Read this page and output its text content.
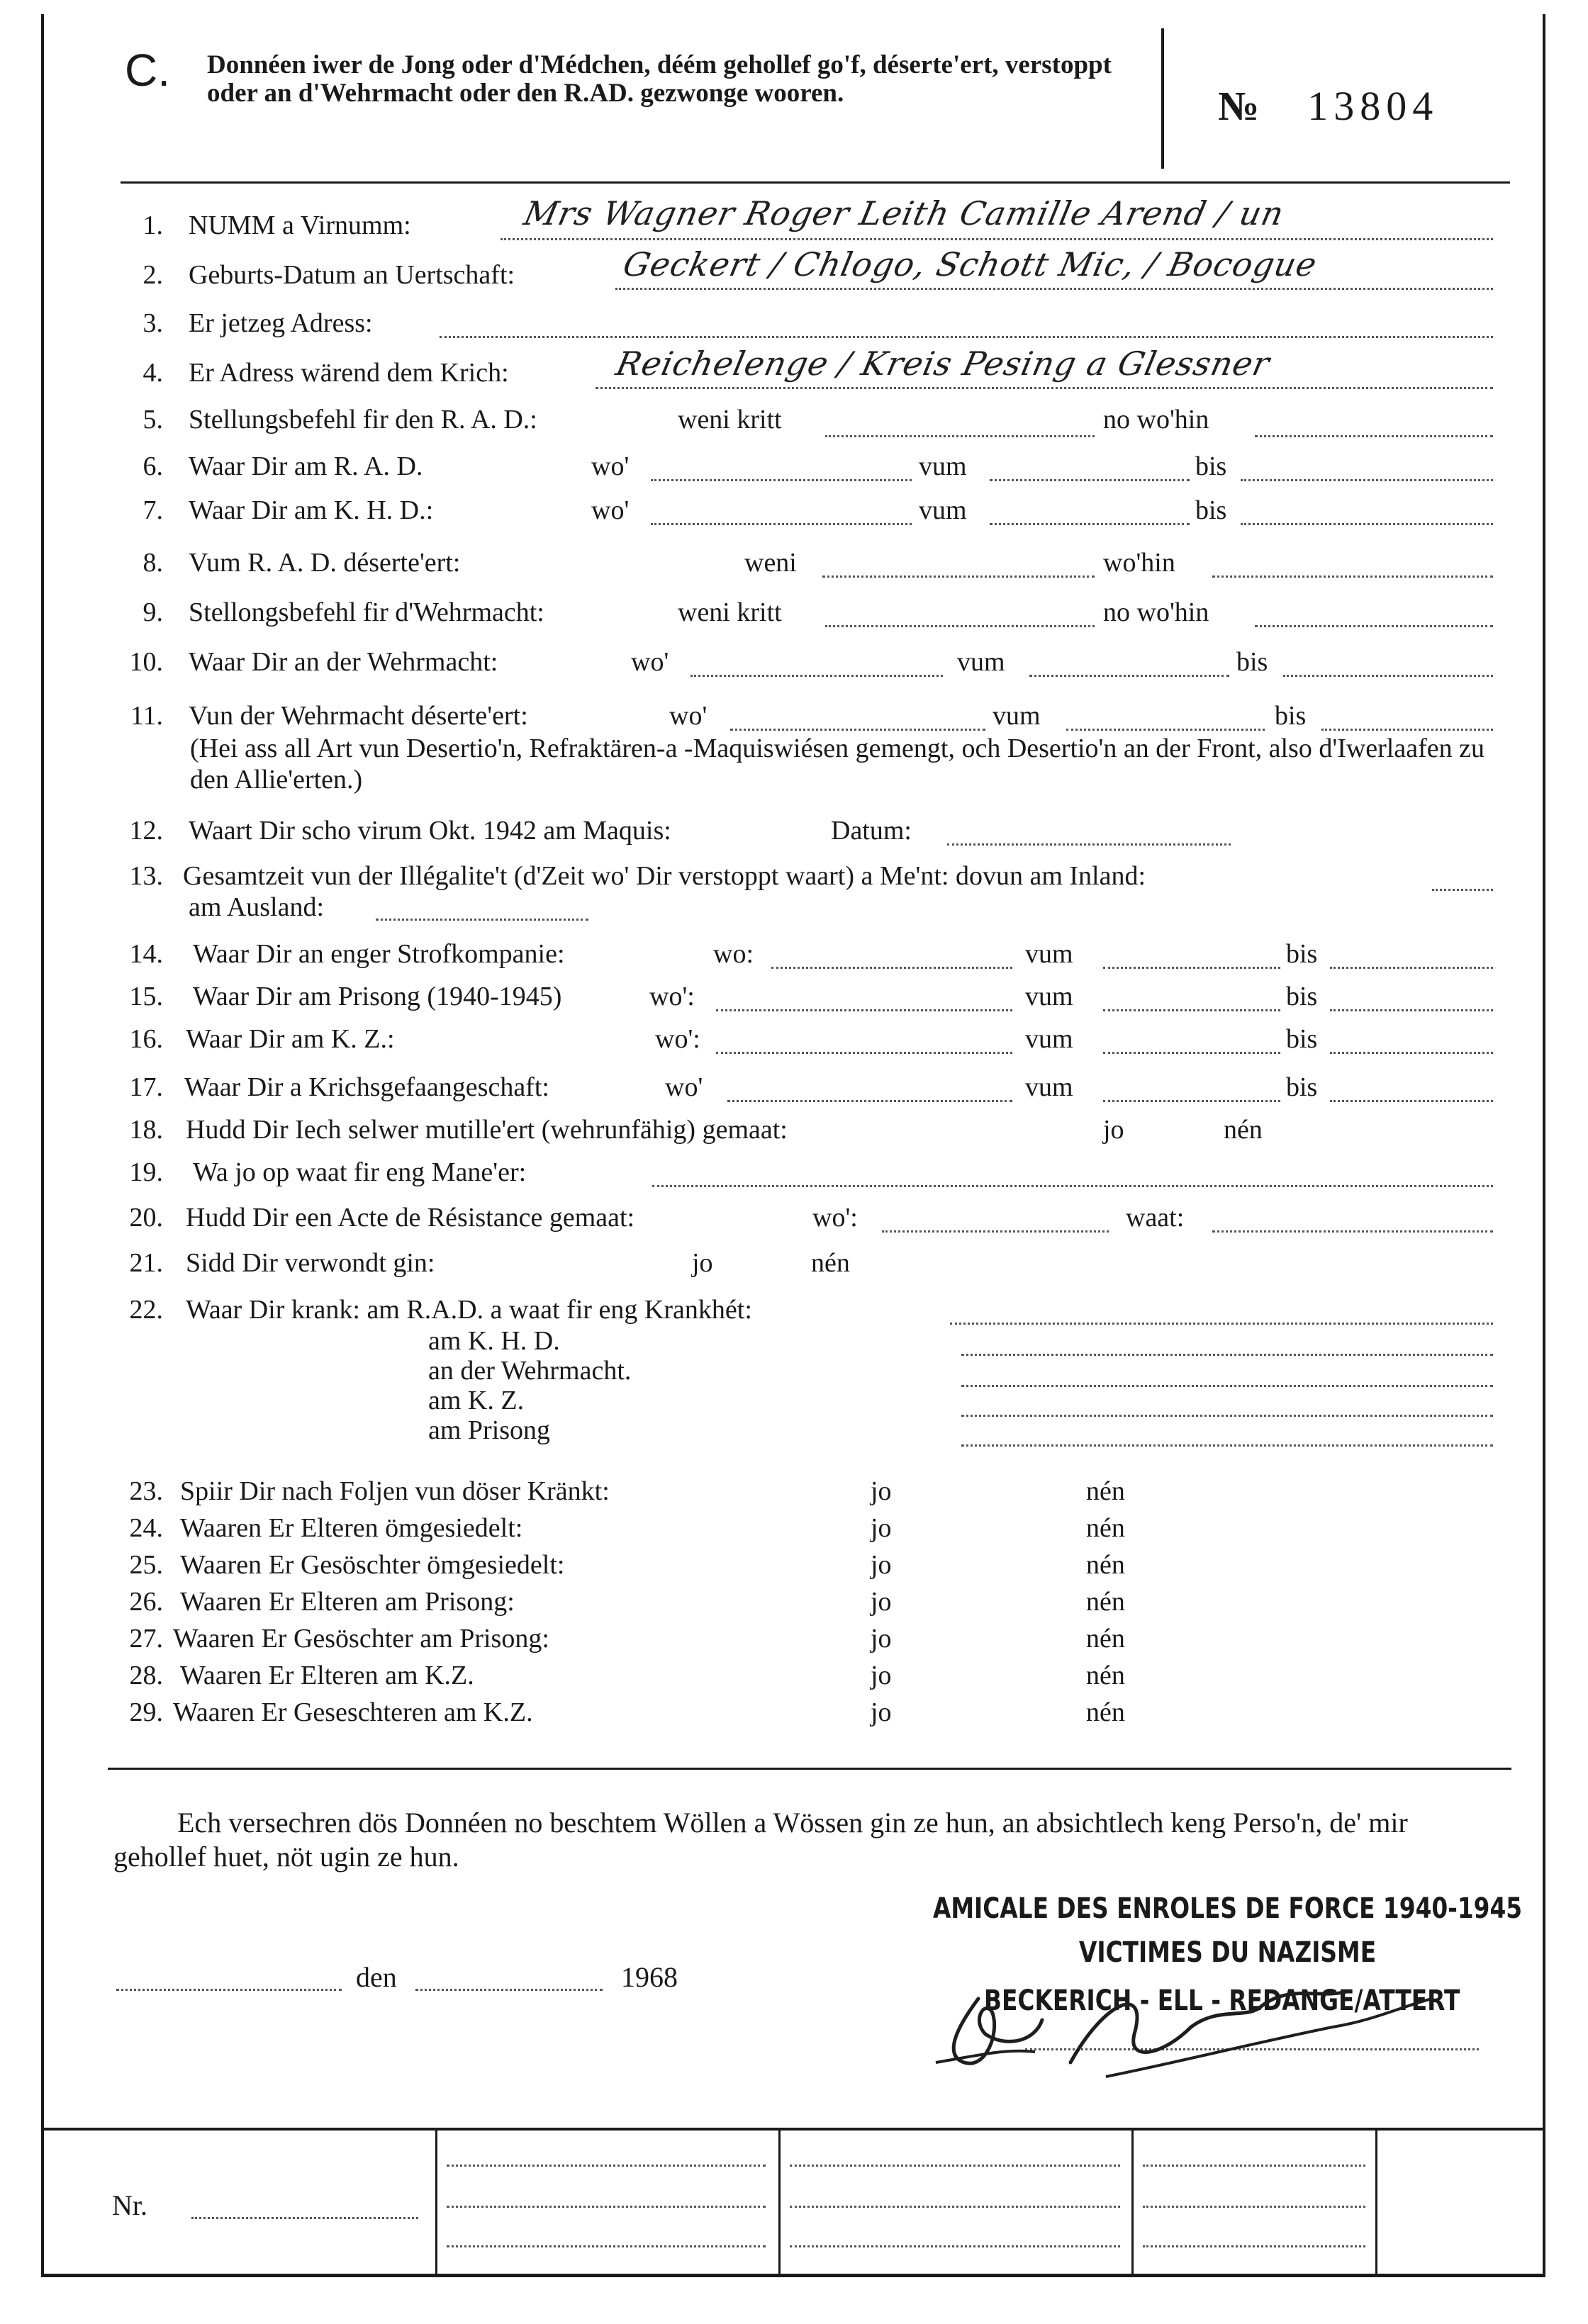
C. Donnéen iwer de Jong oder d'Médchen, déém gehollef go'f, déserte'ert, verstoppt oder an d'Wehrmacht oder den R.AD. gezwonge wooren.	№ 13804
1. NUMM a Virnumm:	Mrs Wagner Roger Leith Camille Arend / un
2. Geburts-Datum an Uertschaft:	Geckert / Chlogo, Schott Mic, / Bocogue
3. Er jetzeg Adress:
4. Er Adress wärend dem Krich:	Reichelenge / Kreis Pesing a Glessner
5. Stellungsbefehl fir den R. A. D.:	weni kritt	no wo'hin
6. Waar Dir am R. A. D.	wo'	vum	bis
7. Waar Dir am K. H. D.:	wo'	vum	bis
8. Vum R. A. D. déserte'ert:	weni	wo'hin
9. Stellongsbefehl fir d'Wehrmacht:	weni kritt	no wo'hin
10. Waar Dir an der Wehrmacht:	wo'	vum	bis
11. Vun der Wehrmacht déserte'ert:	wo'	vum	bis
(Hei ass all Art vun Desertio'n, Refraktären-a -Maquiswiésen gemengt, och Desertio'n an der Front, also d'Iwerlaafen zu den Allie'erten.)
12. Waart Dir scho virum Okt. 1942 am Maquis:	Datum:
13. Gesamtzeit vun der Illégalite't (d'Zeit wo' Dir verstoppt waart) a Me'nt: dovun am Inland:
am Ausland:
14. Waar Dir an enger Strofkompanie:	wo:	vum	bis
15. Waar Dir am Prisong (1940-1945)	wo':	vum	bis
16. Waar Dir am K. Z.:	wo':	vum	bis
17. Waar Dir a Krichsgefaangeschaft:	wo'	vum	bis
18. Hudd Dir Iech selwer mutille'ert (wehrunfähig) gemaat:	jo	nén
19. Wa jo op waat fir eng Mane'er:
20. Hudd Dir een Acte de Résistance gemaat:	wo':	waat:
21. Sidd Dir verwondt gin:	jo	nén
22. Waar Dir krank: am R.A.D. a waat fir eng Krankhét:
am K. H. D.
an der Wehrmacht.
am K. Z.
am Prisong
23. Spiir Dir nach Foljen vun döser Kränkt:	jo	nén
24. Waaren Er Elteren ömgesiedelt:	jo	nén
25. Waaren Er Gesöschter ömgesiedelt:	jo	nén
26. Waaren Er Elteren am Prisong:	jo	nén
27. Waaren Er Gesöschter am Prisong:	jo	nén
28. Waaren Er Elteren am K.Z.	jo	nén
29. Waaren Er Geseschteren am K.Z.	jo	nén
Ech versechren dös Donnéen no beschtem Wöllen a Wössen gin ze hun, an absichtlech keng Perso'n, de' mir gehollef huet, nöt ugin ze hun.
den	1968
AMICALE DES ENROLES DE FORCE 1940-1945
VICTIMES DU NAZISME
BECKERICH - ELL - REDANGE/ATTERT
Nr.
